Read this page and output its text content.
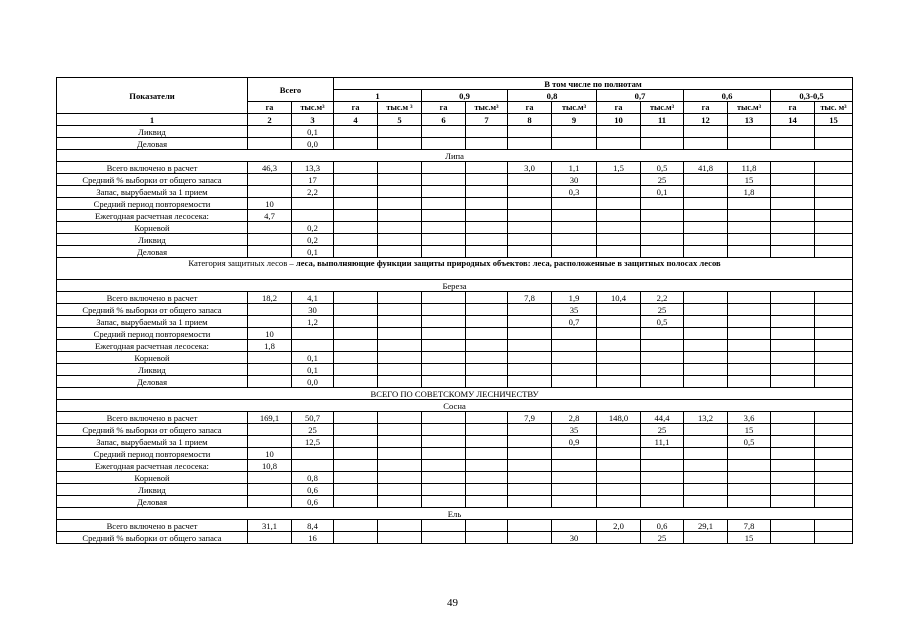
Показатели	Всего		В том числе по полнотам											
			1		0,9		0,8		0,7		0,6		0,3-0,5	
	га	тыс.м³	га	тыс.м ³	га	тыс.м³	га	тыс.м³	га	тыс.м³	га	тыс.м³	га	тыс. м³
1	2	3	4	5	6	7	8	9	10	11	12	13	14	15
Ликвид		0,1												
Деловая		0,0												
Липа														
Всего включено в расчет	46,3	13,3					3,0	1,1	1,5	0,5	41,8	11,8		
Средний % выборки от общего запаса		17						30		25		15		
Запас, вырубаемый за 1 прием		2,2						0,3		0,1		1,8		
Средний период повторяемости	10													
Ежегодная расчетная лесосека:	4,7													
Корневой		0,2												
Ликвид		0,2												
Деловая		0,1												
Категория защитных лесов – леса, выполняющие функции защиты природных объектов: леса, расположенные в защитных полосах лесов														
Береза														
Всего включено в расчет	18,2	4,1					7,8	1,9	10,4	2,2				
Средний % выборки от общего запаса		30						35		25				
Запас, вырубаемый за 1 прием		1,2						0,7		0,5				
Средний период повторяемости	10													
Ежегодная расчетная лесосека:	1,8													
Корневой		0,1												
Ликвид		0,1												
Деловая		0,0												
ВСЕГО ПО СОВЕТСКОМУ ЛЕСНИЧЕСТВУ														
Сосна														
Всего включено в расчет	169,1	50,7					7,9	2,8	148,0	44,4	13,2	3,6		
Средний % выборки от общего запаса		25						35		25		15		
Запас, вырубаемый за 1 прием		12,5						0,9		11,1		0,5		
Средний период повторяемости	10													
Ежегодная расчетная лесосека:	10,8													
Корневой		0,8												
Ликвид		0,6												
Деловая		0,6												
Ель														
Всего включено в расчет	31,1	8,4							2,0	0,6	29,1	7,8		
Средний % выборки от общего запаса		16						30		25		15		
49
